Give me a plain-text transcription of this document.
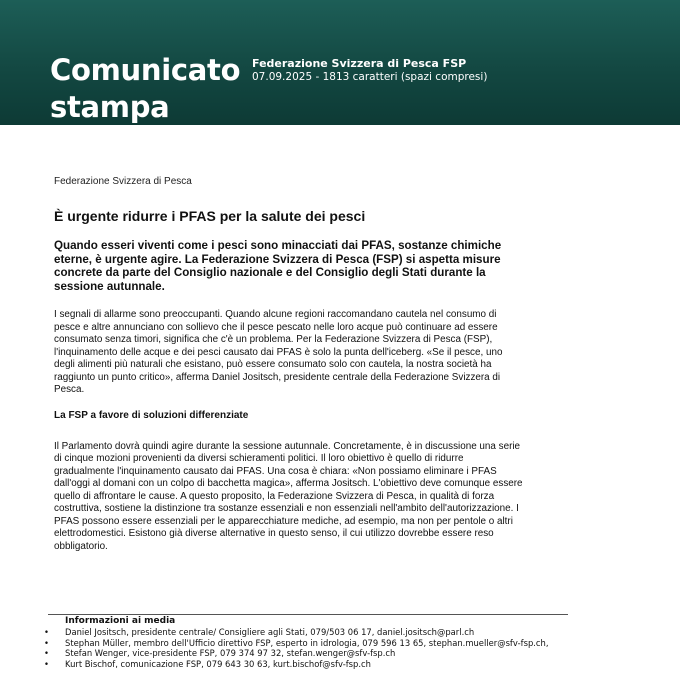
Comunicato stampa
Federazione Svizzera di Pesca FSP
07.09.2025 - 1813 caratteri (spazi compresi)

Federazione Svizzera di Pesca

È urgente ridurre i PFAS per la salute dei pesci

Quando esseri viventi come i pesci sono minacciati dai PFAS, sostanze chimiche eterne, è urgente agire. La Federazione Svizzera di Pesca (FSP) si aspetta misure concrete da parte del Consiglio nazionale e del Consiglio degli Stati durante la sessione autunnale.

I segnali di allarme sono preoccupanti. Quando alcune regioni raccomandano cautela nel consumo di pesce e altre annunciano con sollievo che il pesce pescato nelle loro acque può continuare ad essere consumato senza timori, significa che c'è un problema. Per la Federazione Svizzera di Pesca (FSP), l'inquinamento delle acque e dei pesci causato dai PFAS è solo la punta dell'iceberg. «Se il pesce, uno degli alimenti più naturali che esistano, può essere consumato solo con cautela, la nostra società ha raggiunto un punto critico», afferma Daniel Jositsch, presidente centrale della Federazione Svizzera di Pesca.

La FSP a favore di soluzioni differenziate

Il Parlamento dovrà quindi agire durante la sessione autunnale. Concretamente, è in discussione una serie di cinque mozioni provenienti da diversi schieramenti politici. Il loro obiettivo è quello di ridurre gradualmente l'inquinamento causato dai PFAS. Una cosa è chiara: «Non possiamo eliminare i PFAS dall'oggi al domani con un colpo di bacchetta magica», afferma Jositsch. L'obiettivo deve comunque essere quello di affrontare le cause. A questo proposito, la Federazione Svizzera di Pesca, in qualità di forza costruttiva, sostiene la distinzione tra sostanze essenziali e non essenziali nell'ambito dell'autorizzazione. I PFAS possono essere essenziali per le apparecchiature mediche, ad esempio, ma non per pentole o altri elettrodomestici. Esistono già diverse alternative in questo senso, il cui utilizzo dovrebbe essere reso obbligatorio.

Informazioni ai media
• Daniel Jositsch, presidente centrale/ Consigliere agli Stati, 079/503 06 17, daniel.jositsch@parl.ch
• Stephan Müller, membro dell'Ufficio direttivo FSP, esperto in idrologia, 079 596 13 65, stephan.mueller@sfv-fsp.ch,
• Stefan Wenger, vice-presidente FSP, 079 374 97 32, stefan.wenger@sfv-fsp.ch
• Kurt Bischof, comunicazione FSP, 079 643 30 63, kurt.bischof@sfv-fsp.ch
